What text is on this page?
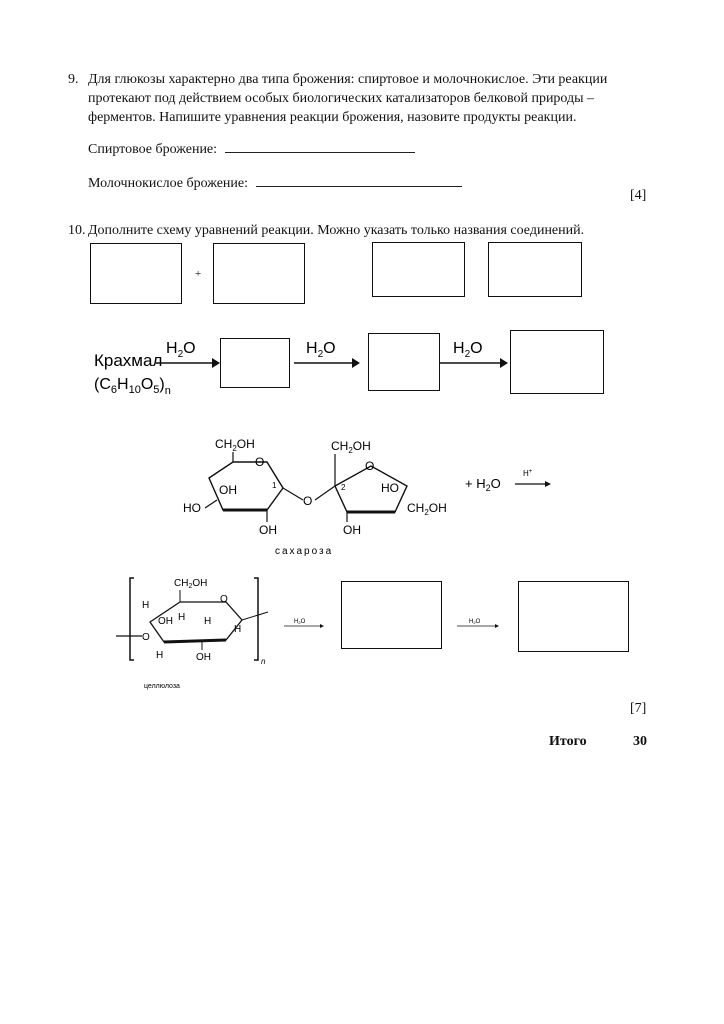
9. Для глюкозы характерно два типа брожения: спиртовое и молочнокислое. Эти реакции
протекают под действием особых биологических катализаторов белковой природы –
ферментов. Напишите уравнения реакции брожения, назовите продукты реакции.
Спиртовое брожение:
Молочнокислое брожение:
[4]
10. Дополните схему уравнений реакции. Можно указать только названия соединений.
+
Крахмал
$(C_6H_{10}O_5)_n$
$H_2O$	$H_2O$	$H_2O$
$CH_2OH$
O
OH
HO
OH
1
O
O
$CH_2OH$
2	HO
$CH_2OH$
OH
+ $H_2O$
H+
сахароза
n
$CH_2OH$
O
H
O
OH H H
H
H	OH
целлюлоза
H2O	H2O
[7]
Итого	30
